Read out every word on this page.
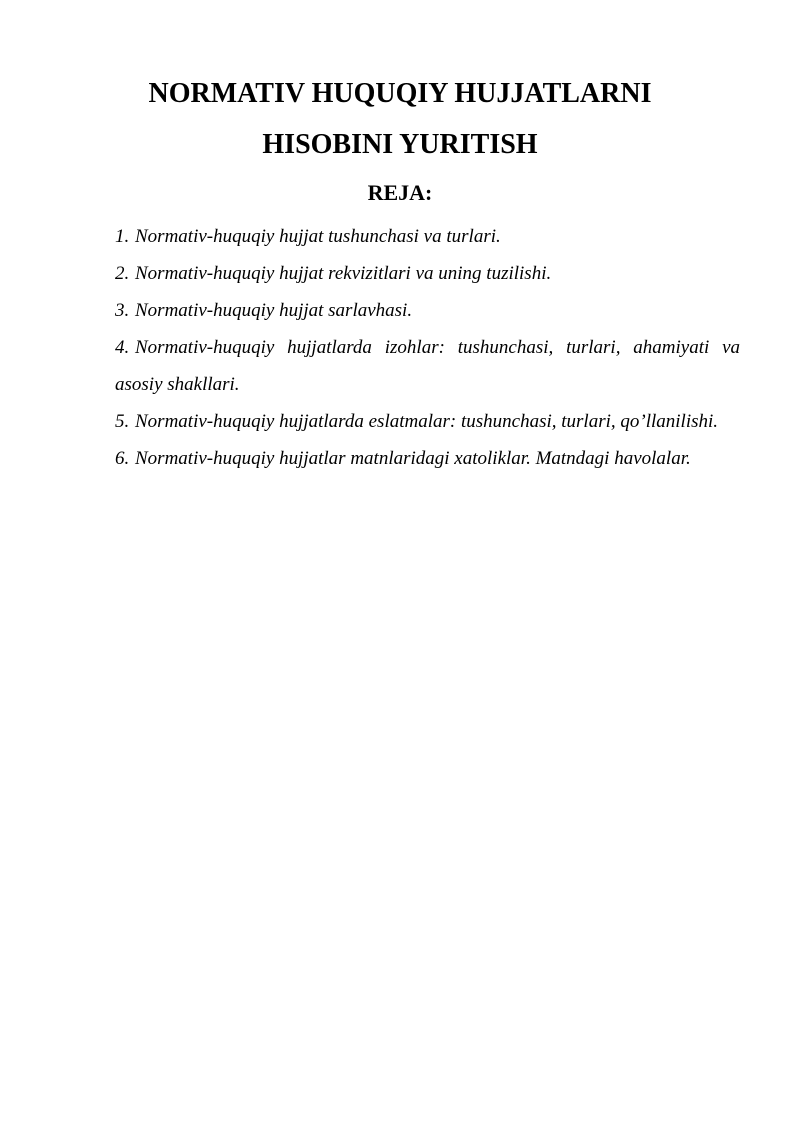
NORMATIV HUQUQIY HUJJATLARNI
HISOBINI YURITISH
REJA:
1. Normativ-huquqiy hujjat tushunchasi va turlari.
2. Normativ-huquqiy hujjat rekvizitlari va uning tuzilishi.
3. Normativ-huquqiy hujjat sarlavhasi.
4. Normativ-huquqiy hujjatlarda izohlar: tushunchasi, turlari, ahamiyati va asosiy shakllari.
5. Normativ-huquqiy hujjatlarda eslatmalar: tushunchasi, turlari, qo’llanilishi.
6. Normativ-huquqiy hujjatlar matnlaridagi xatoliklar. Matndagi havolalar.
